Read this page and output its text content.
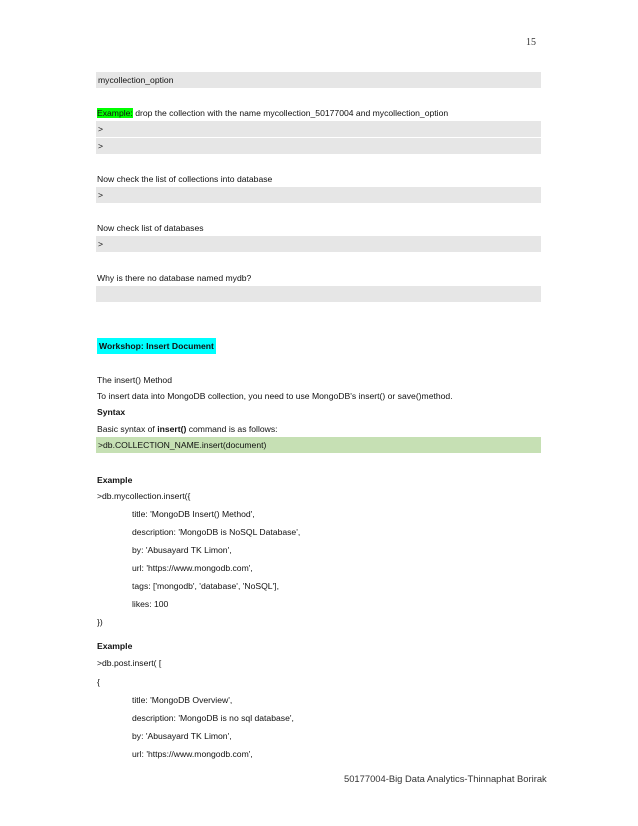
15
mycollection_option
Example: drop the collection with the name mycollection_50177004 and mycollection_option
>
>
Now check the list of collections into database
>
Now check list of databases
>
Why is there no database named mydb?
Workshop: Insert Document
The insert() Method
To insert data into MongoDB collection, you need to use MongoDB's insert() or save()method.
Syntax
Basic syntax of insert() command is as follows:
>db.COLLECTION_NAME.insert(document)
Example
>db.mycollection.insert({
title: 'MongoDB Insert() Method',
description: 'MongoDB is NoSQL Database',
by: 'Abusayard TK Limon',
url: 'https://www.mongodb.com',
tags: ['mongodb', 'database', 'NoSQL'],
likes: 100
})
Example
>db.post.insert( [
{
title: 'MongoDB Overview',
description: 'MongoDB is no sql database',
by: 'Abusayard TK Limon',
url: 'https://www.mongodb.com',
50177004-Big Data Analytics-Thinnaphat Borirak
